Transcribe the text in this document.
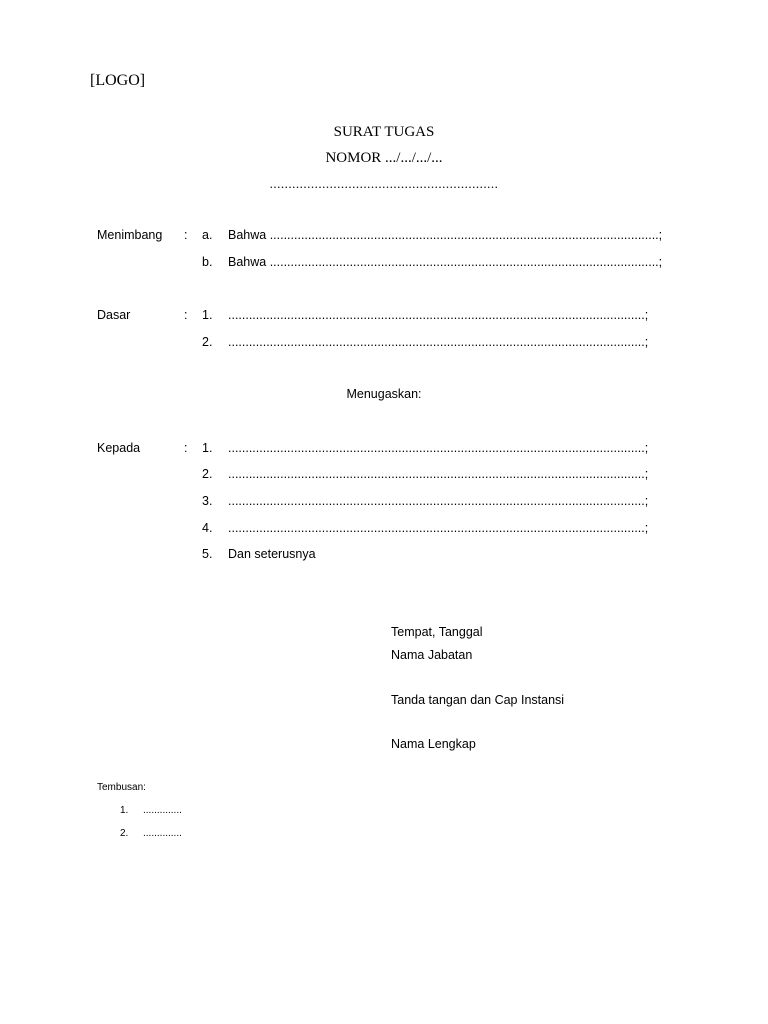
[LOGO]
SURAT TUGAS
NOMOR .../.../.../...
.............................................................
Menimbang : a. Bahwa ................................................................................................................;
b. Bahwa ................................................................................................................;
Dasar	: 1. ........................................................................................................................;
2. ........................................................................................................................;
Menugaskan:
Kepada	: 1. ........................................................................................................................;
2. ........................................................................................................................;
3. ........................................................................................................................;
4. ........................................................................................................................;
5. Dan seterusnya
Tempat, Tanggal
Nama Jabatan
Tanda tangan dan Cap Instansi
Nama Lengkap
Tembusan:
1. ..............
2. ..............
